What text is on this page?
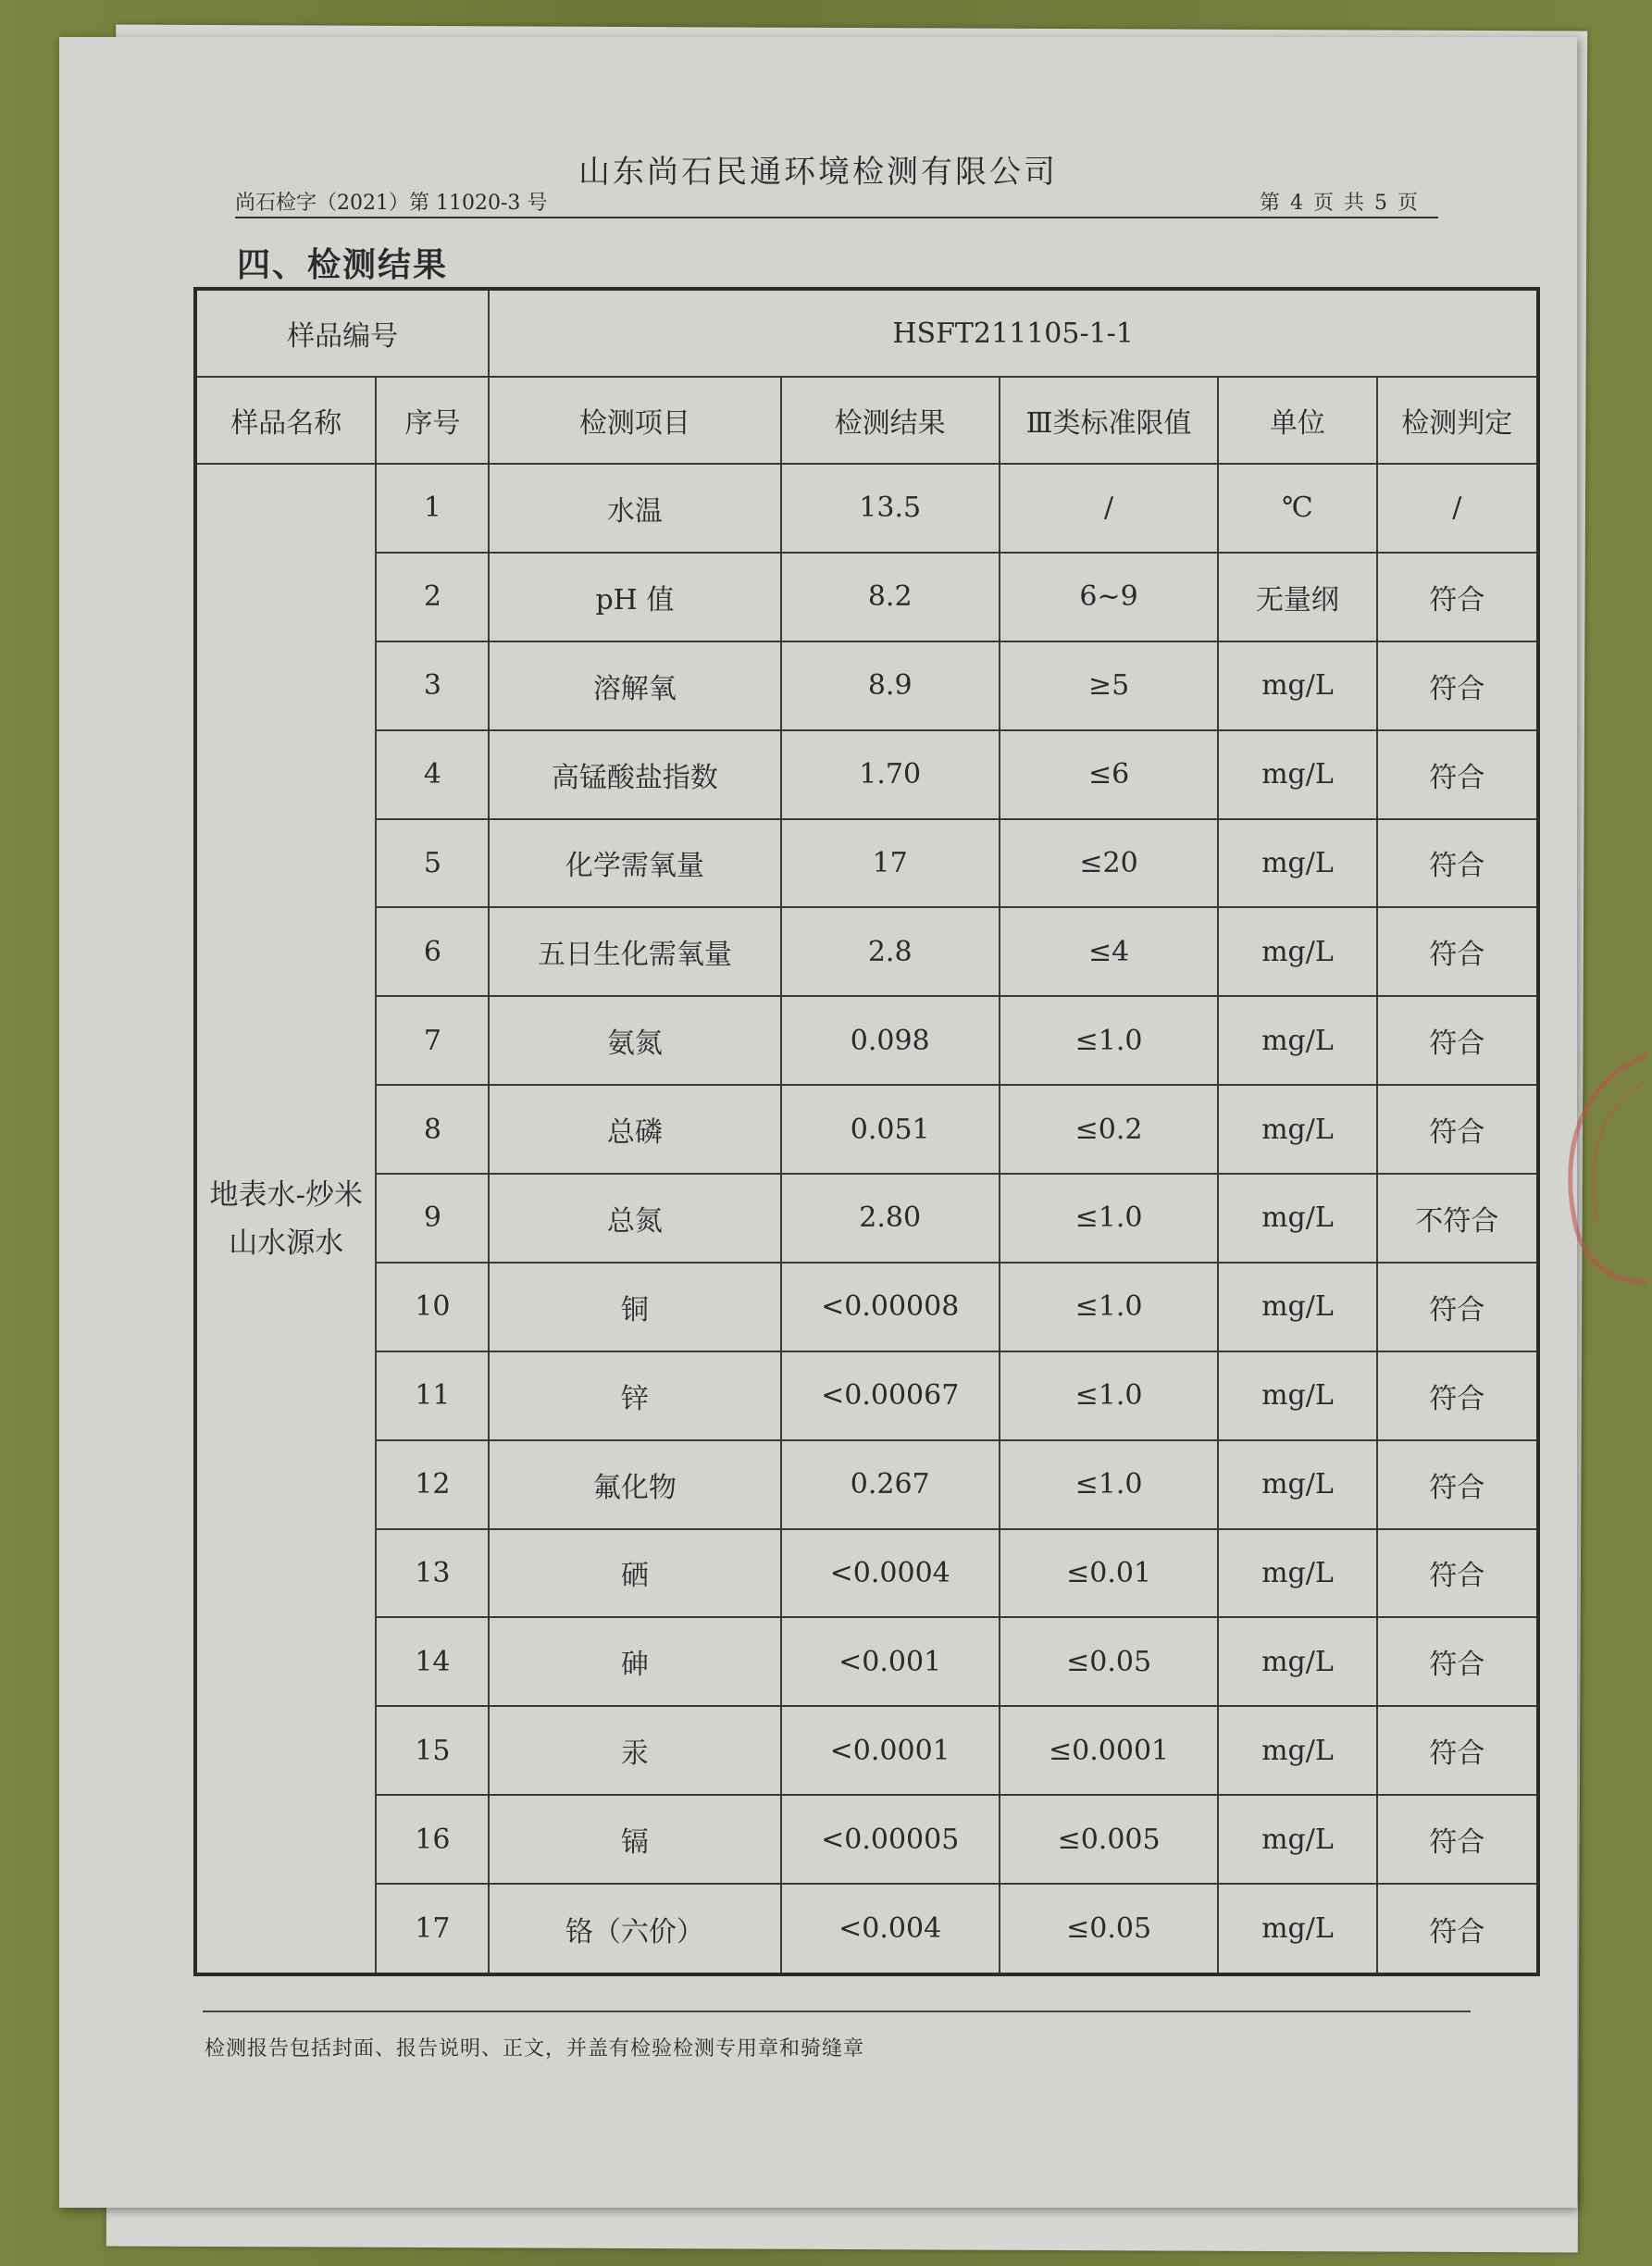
山东尚石民通环境检测有限公司
尚石检字（2021）第 11020-3 号	第 4 页 共 5 页
四、检测结果
样品编号		HSFT211105-1-1				
样品名称	序号	检测项目	检测结果	Ⅲ类标准限值	单位	检测判定
地表水-炒米山水源水	1	水温	13.5	/	℃	/
	2	pH 值	8.2	6~9	无量纲	符合
	3	溶解氧	8.9	≥5	mg/L	符合
	4	高锰酸盐指数	1.70	≤6	mg/L	符合
	5	化学需氧量	17	≤20	mg/L	符合
	6	五日生化需氧量	2.8	≤4	mg/L	符合
	7	氨氮	0.098	≤1.0	mg/L	符合
	8	总磷	0.051	≤0.2	mg/L	符合
	9	总氮	2.80	≤1.0	mg/L	不符合
	10	铜	<0.00008	≤1.0	mg/L	符合
	11	锌	<0.00067	≤1.0	mg/L	符合
	12	氟化物	0.267	≤1.0	mg/L	符合
	13	硒	<0.0004	≤0.01	mg/L	符合
	14	砷	<0.001	≤0.05	mg/L	符合
	15	汞	<0.0001	≤0.0001	mg/L	符合
	16	镉	<0.00005	≤0.005	mg/L	符合
	17	铬（六价）	<0.004	≤0.05	mg/L	符合
检测报告包括封面、报告说明、正文，并盖有检验检测专用章和骑缝章
